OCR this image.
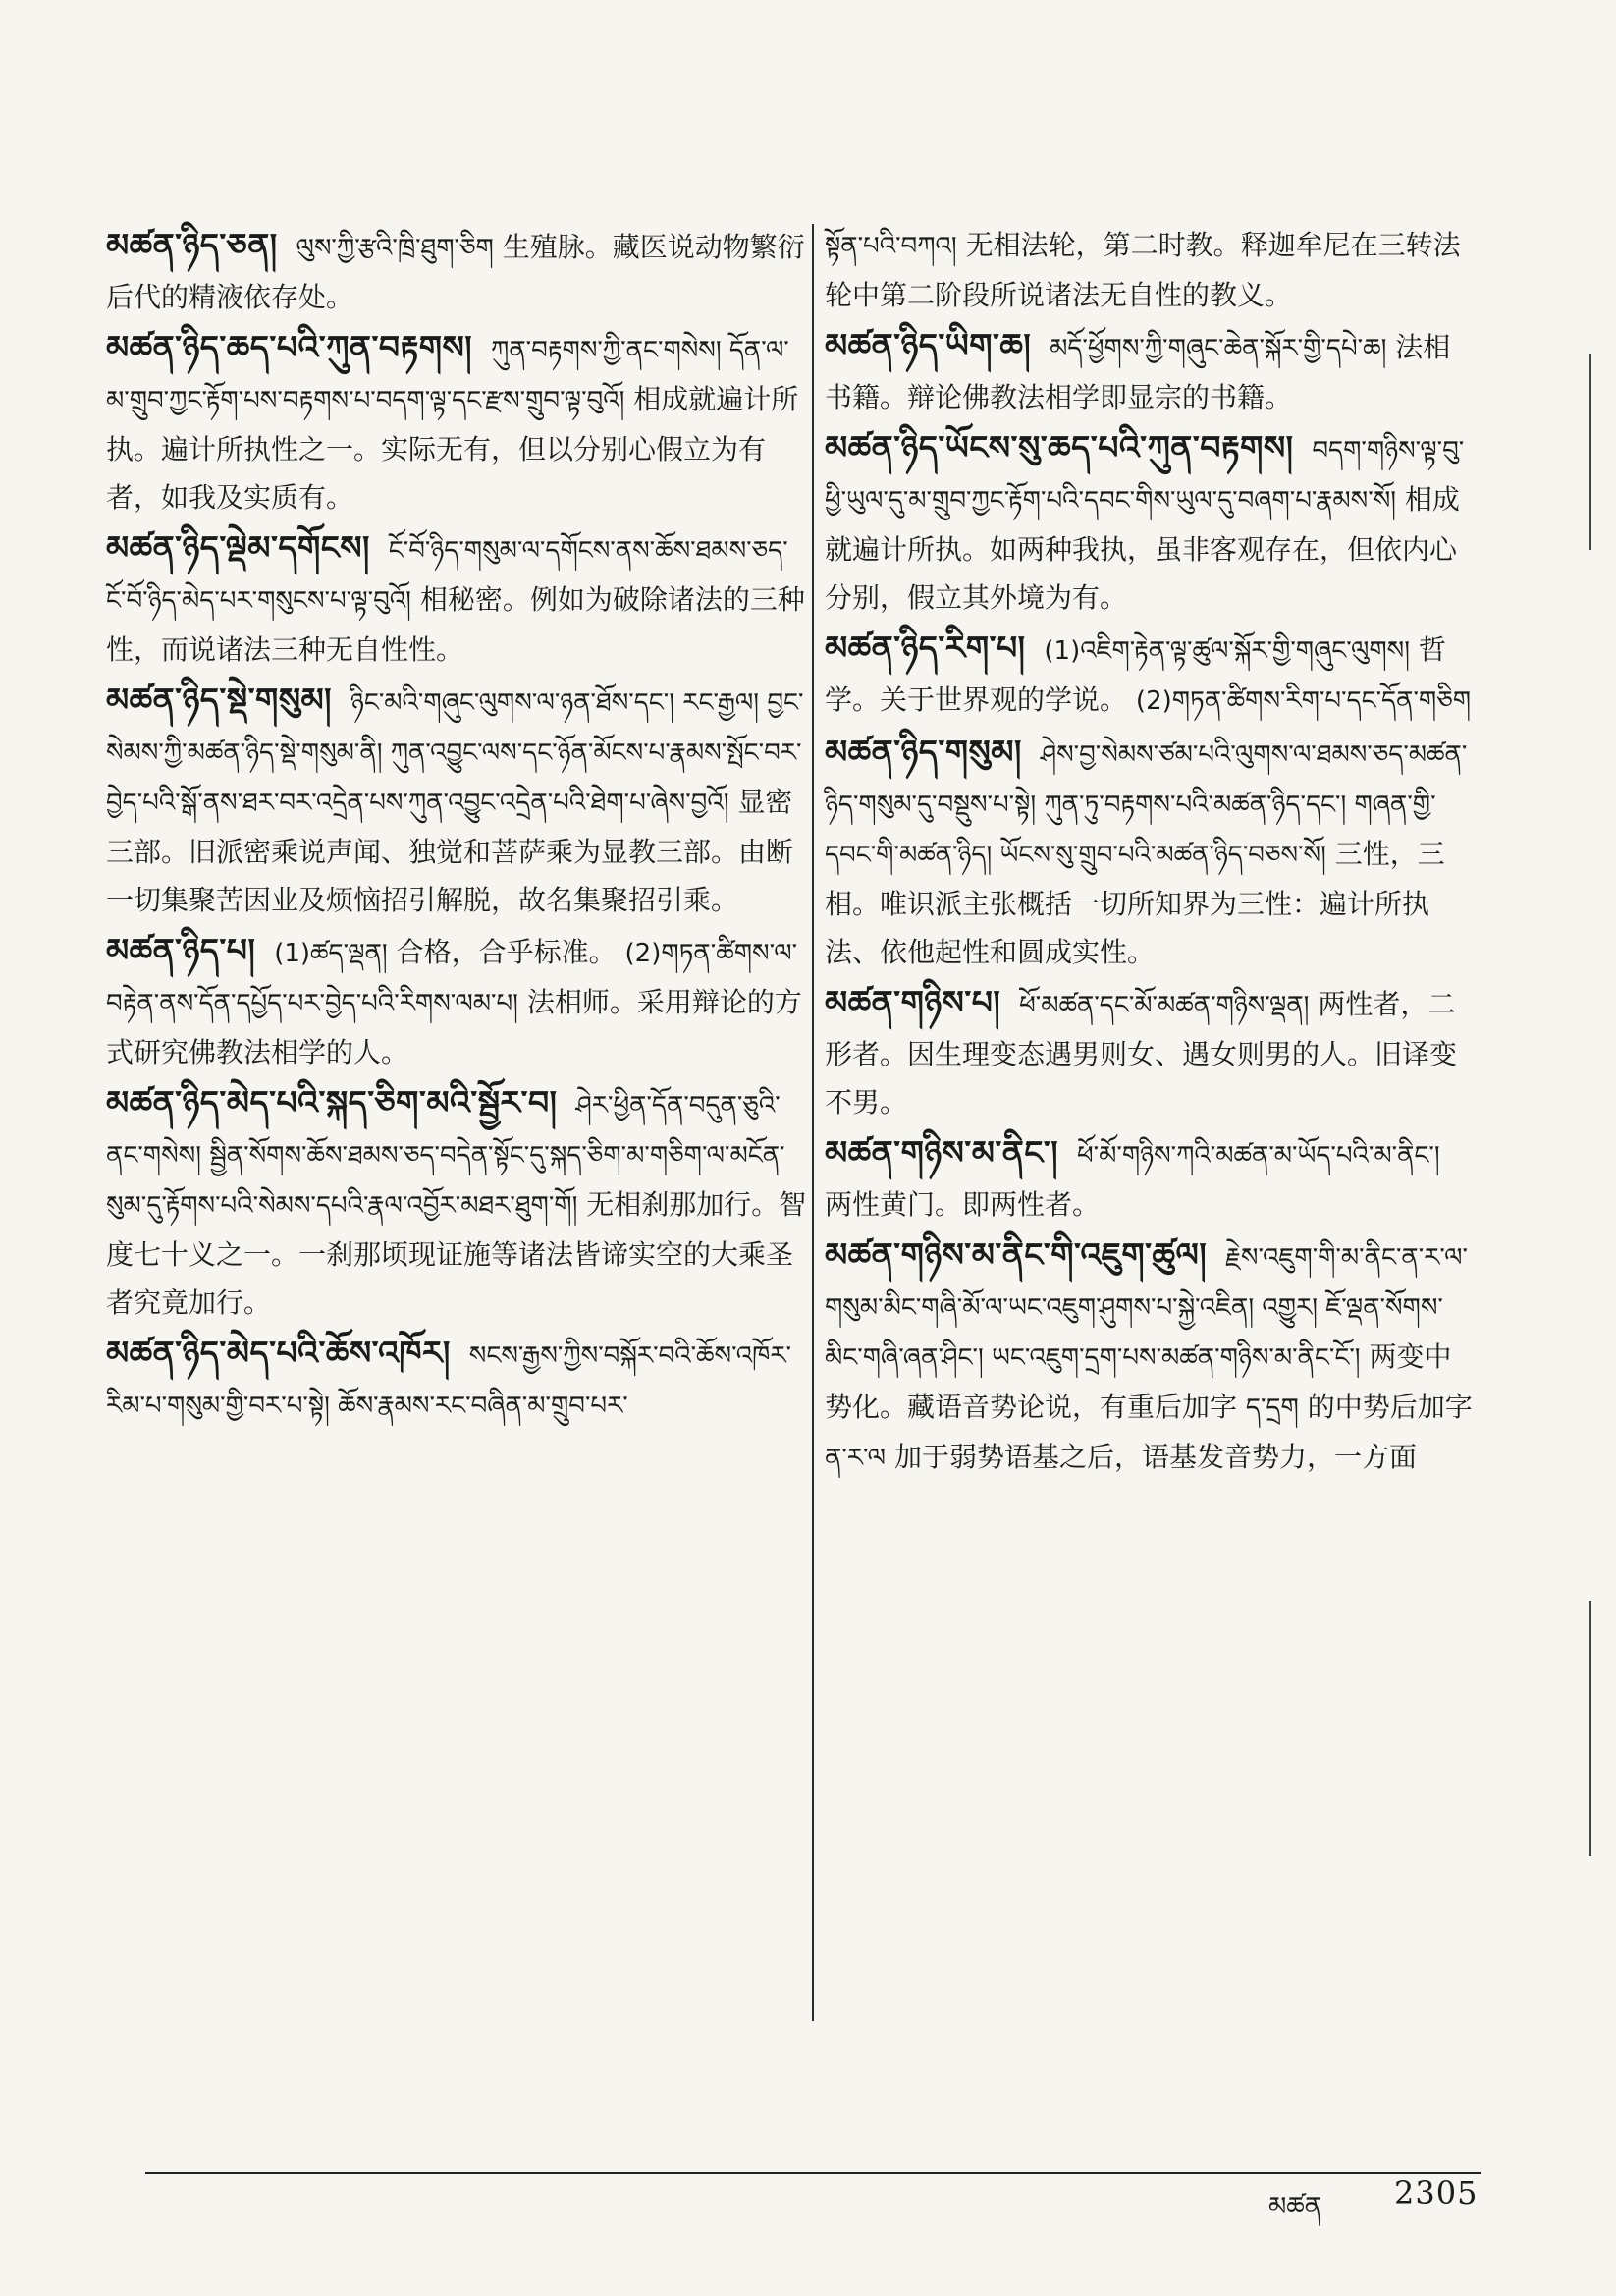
མཚན་ཉིད་ཅན། ལུས་ཀྱི་རྩའི་ཁྲི་ཐུག་ཅིག 生殖脉。藏医说动物繁衍后代的精液依存处。
མཚན་ཉིད་ཆད་པའི་ཀུན་བརྟགས། ཀུན་བརྟགས་ཀྱི་ནང་གསེས། དོན་ལ་མ་གྲུབ་ཀྱང་རྟོག་པས་བརྟགས་པ་བདག་ལྟ་དང་རྫས་གྲུབ་ལྟ་བུའོ། 相成就遍计所执。遍计所执性之一。实际无有，但以分别心假立为有者，如我及实质有。
མཚན་ཉིད་ལྡེམ་དགོངས། ངོ་བོ་ཉིད་གསུམ་ལ་དགོངས་ནས་ཆོས་ཐམས་ཅད་ངོ་བོ་ཉིད་མེད་པར་གསུངས་པ་ལྟ་བུའོ། 相秘密。例如为破除诸法的三种性，而说诸法三种无自性性。
མཚན་ཉིད་སྡེ་གསུམ། ཉིང་མའི་གཞུང་ལུགས་ལ་ཉན་ཐོས་དང་། རང་རྒྱལ། བྱང་སེམས་ཀྱི་མཚན་ཉིད་སྡེ་གསུམ་ནི། ཀུན་འབྱུང་ལས་དང་ཉོན་མོངས་པ་རྣམས་སྤོང་བར་བྱེད་པའི་སྒོ་ནས་ཐར་བར་འདྲེན་པས་ཀུན་འབྱུང་འདྲེན་པའི་ཐེག་པ་ཞེས་བྱའོ། 显密三部。旧派密乘说声闻、独觉和菩萨乘为显教三部。由断一切集聚苦因业及烦恼招引解脱，故名集聚招引乘。
མཚན་ཉིད་པ། (1)ཚད་ལྡན། 合格，合乎标准。 (2)གཏན་ཚིགས་ལ་བརྟེན་ནས་དོན་དཔྱོད་པར་བྱེད་པའི་རིགས་ལམ་པ། 法相师。采用辩论的方式研究佛教法相学的人。
མཚན་ཉིད་མེད་པའི་སྐད་ཅིག་མའི་སྦྱོར་བ། ཤེར་ཕྱིན་དོན་བདུན་ཅུའི་ནང་གསེས། སྦྱིན་སོགས་ཆོས་ཐམས་ཅད་བདེན་སྟོང་དུ་སྐད་ཅིག་མ་གཅིག་ལ་མངོན་སུམ་དུ་རྟོགས་པའི་སེམས་དཔའི་རྣལ་འབྱོར་མཐར་ཐུག་གོ། 无相刹那加行。智度七十义之一。一刹那顷现证施等诸法皆谛实空的大乘圣者究竟加行。
མཚན་ཉིད་མེད་པའི་ཆོས་འཁོར། སངས་རྒྱས་ཀྱིས་བསྐོར་བའི་ཆོས་འཁོར་རིམ་པ་གསུམ་གྱི་བར་པ་སྟེ། ཆོས་རྣམས་རང་བཞིན་མ་གྲུབ་པར་
སྟོན་པའི་བཀའ། 无相法轮，第二时教。释迦牟尼在三转法轮中第二阶段所说诸法无自性的教义。
མཚན་ཉིད་ཡིག་ཆ། མདོ་ཕྱོགས་ཀྱི་གཞུང་ཆེན་སྐོར་གྱི་དཔེ་ཆ། 法相书籍。辩论佛教法相学即显宗的书籍。
མཚན་ཉིད་ཡོངས་སུ་ཆད་པའི་ཀུན་བརྟགས། བདག་གཉིས་ལྟ་བུ་ཕྱི་ཡུལ་དུ་མ་གྲུབ་ཀྱང་རྟོག་པའི་དབང་གིས་ཡུལ་དུ་བཞག་པ་རྣམས་སོ། 相成就遍计所执。如两种我执，虽非客观存在，但依内心分别，假立其外境为有。
མཚན་ཉིད་རིག་པ། (1)འཇིག་རྟེན་ལྟ་ཚུལ་སྐོར་གྱི་གཞུང་ལུགས། 哲学。关于世界观的学说。 (2)གཏན་ཚིགས་རིག་པ་དང་དོན་གཅིག
མཚན་ཉིད་གསུམ། ཤེས་བྱ་སེམས་ཙམ་པའི་ལུགས་ལ་ཐམས་ཅད་མཚན་ཉིད་གསུམ་དུ་བསྡུས་པ་སྟེ། ཀུན་ཏུ་བརྟགས་པའི་མཚན་ཉིད་དང་། གཞན་གྱི་དབང་གི་མཚན་ཉིད། ཡོངས་སུ་གྲུབ་པའི་མཚན་ཉིད་བཅས་སོ། 三性，三相。唯识派主张概括一切所知界为三性：遍计所执法、依他起性和圆成实性。
མཚན་གཉིས་པ། ཕོ་མཚན་དང་མོ་མཚན་གཉིས་ལྡན། 两性者，二形者。因生理变态遇男则女、遇女则男的人。旧译变不男。
མཚན་གཉིས་མ་ནིང་། ཕོ་མོ་གཉིས་ཀའི་མཚན་མ་ཡོད་པའི་མ་ནིང་། 两性黄门。即两性者。
མཚན་གཉིས་མ་ནིང་གི་འཇུག་ཚུལ། རྗེས་འཇུག་གི་མ་ནིང་ན་ར་ལ་གསུམ་མིང་གཞི་མོ་ལ་ཡང་འཇུག་ཤུགས་པ་སྐྱེ་འཇིན། འགྱུར། ཇོ་ལྡན་སོགས་མིང་གཞི་ཞན་ཤིང་། ཡང་འཇུག་དྲག་པས་མཚན་གཉིས་མ་ནིང་ངོ་། 两变中势化。藏语音势论说，有重后加字 ད་དྲག 的中势后加字 ན་ར་ལ 加于弱势语基之后，语基发音势力，一方面
མཚན 2305
